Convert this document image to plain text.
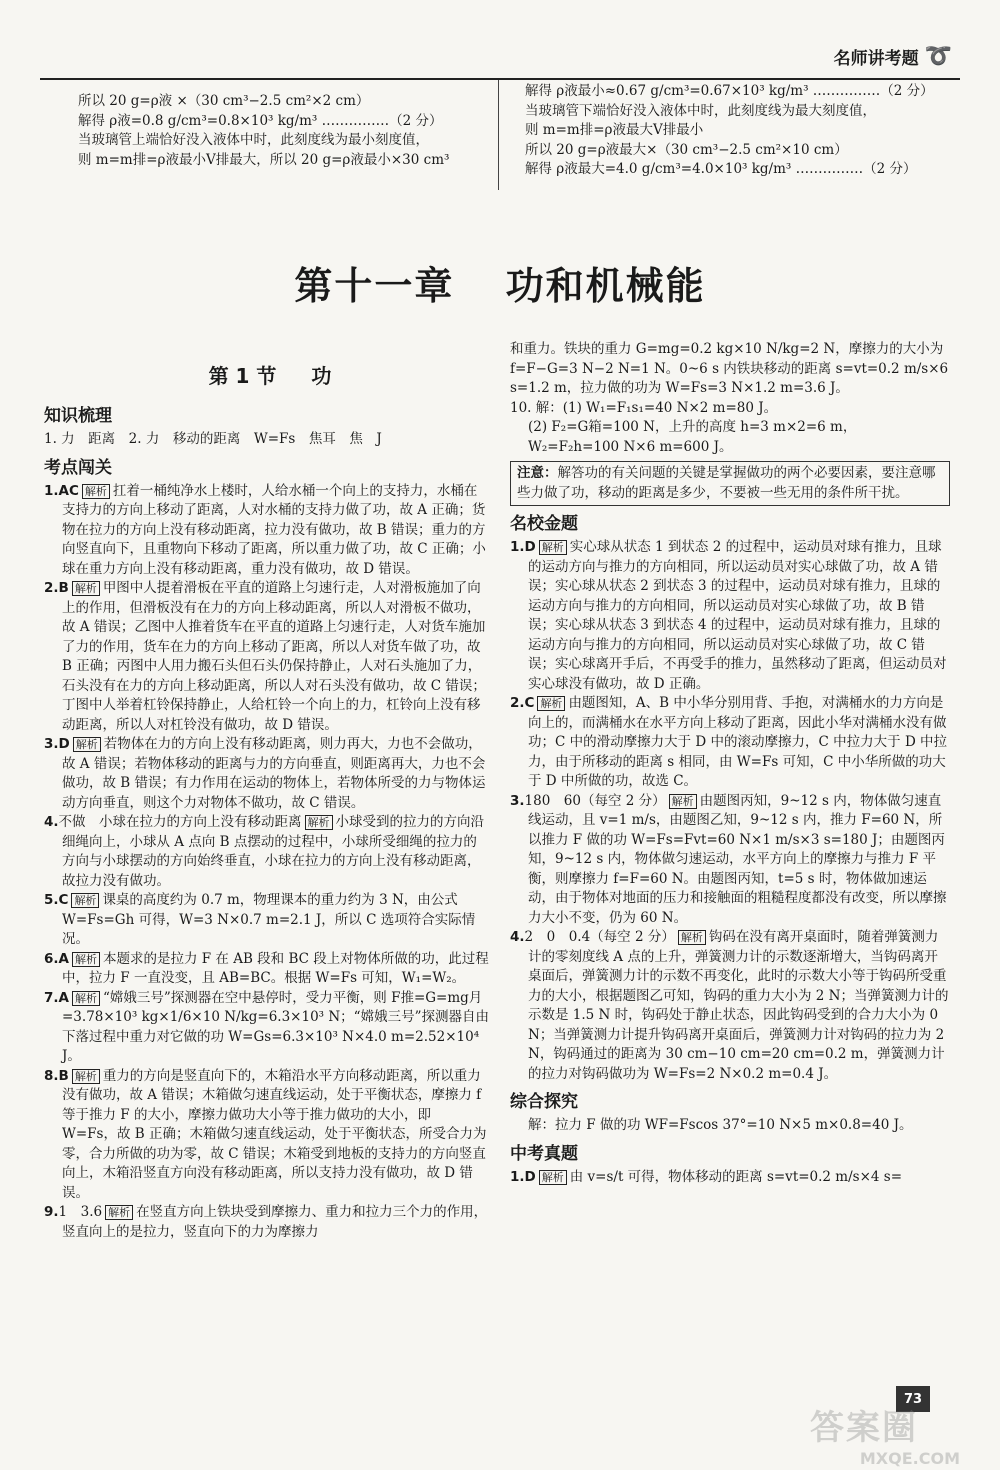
名师讲考题 ➰

所以 20 g=ρ液 ×（30 cm³−2.5 cm²×2 cm）

解得 ρ液=0.8 g/cm³=0.8×10³ kg/m³ ……………（2 分）

当玻璃管上端恰好没入液体中时，此刻度线为最小刻度值，

则 m=m排=ρ液最小V排最大，所以 20 g=ρ液最小×30 cm³

解得 ρ液最小≈0.67 g/cm³=0.67×10³ kg/m³ ……………（2 分）

当玻璃管下端恰好没入液体中时，此刻度线为最大刻度值，

则 m=m排=ρ液最大V排最小

所以 20 g=ρ液最大×（30 cm³−2.5 cm²×10 cm）

解得 ρ液最大=4.0 g/cm³=4.0×10³ kg/m³ ……………（2 分）

第十一章 功和机械能
第 1 节 功
知识梳理

1. 力　距离　2. 力　移动的距离　W=Fs　焦耳　焦　J

考点闯关

1.AC 解析 扛着一桶纯净水上楼时，人给水桶一个向上的支持力，水桶在支持力的方向上移动了距离，人对水桶的支持力做了功，故 A 正确；货物在拉力的方向上没有移动距离，拉力没有做功，故 B 错误；重力的方向竖直向下，且重物向下移动了距离，所以重力做了功，故 C 正确；小球在重力方向上没有移动距离，重力没有做功，故 D 错误。

2.B 解析 甲图中人提着滑板在平直的道路上匀速行走，人对滑板施加了向上的作用，但滑板没有在力的方向上移动距离，所以人对滑板不做功，故 A 错误；乙图中人推着货车在平直的道路上匀速行走，人对货车施加了力的作用，货车在力的方向上移动了距离，所以人对货车做了功，故 B 正确；丙图中人用力搬石头但石头仍保持静止，人对石头施加了力，石头没有在力的方向上移动距离，所以人对石头没有做功，故 C 错误；丁图中人举着杠铃保持静止，人给杠铃一个向上的力，杠铃向上没有移动距离，所以人对杠铃没有做功，故 D 错误。

3.D 解析 若物体在力的方向上没有移动距离，则力再大，力也不会做功，故 A 错误；若物体移动的距离与力的方向垂直，则距离再大，力也不会做功，故 B 错误；有力作用在运动的物体上，若物体所受的力与物体运动方向垂直，则这个力对物体不做功，故 C 错误。

4.不做　小球在拉力的方向上没有移动距离 解析 小球受到的拉力的方向沿细绳向上，小球从 A 点向 B 点摆动的过程中，小球所受细绳的拉力的方向与小球摆动的方向始终垂直，小球在拉力的方向上没有移动距离，故拉力没有做功。

5.C 解析 课桌的高度约为 0.7 m，物理课本的重力约为 3 N，由公式 W=Fs=Gh 可得，W=3 N×0.7 m=2.1 J，所以 C 选项符合实际情况。

6.A 解析 本题求的是拉力 F 在 AB 段和 BC 段上对物体所做的功，此过程中，拉力 F 一直没变，且 AB=BC。根据 W=Fs 可知，W₁=W₂。

7.A 解析 “嫦娥三号”探测器在空中悬停时，受力平衡，则 F推=G=mg月=3.78×10³ kg×1/6×10 N/kg=6.3×10³ N；“嫦娥三号”探测器自由下落过程中重力对它做的功 W=Gs=6.3×10³ N×4.0 m=2.52×10⁴ J。

8.B 解析 重力的方向是竖直向下的，木箱沿水平方向移动距离，所以重力没有做功，故 A 错误；木箱做匀速直线运动，处于平衡状态，摩擦力 f 等于推力 F 的大小，摩擦力做功大小等于推力做功的大小，即 W=Fs，故 B 正确；木箱做匀速直线运动，处于平衡状态，所受合力为零，合力所做的功为零，故 C 错误；木箱受到地板的支持力的方向竖直向上，木箱沿竖直方向没有移动距离，所以支持力没有做功，故 D 错误。

9.1　3.6 解析 在竖直方向上铁块受到摩擦力、重力和拉力三个力的作用，竖直向上的是拉力，竖直向下的力为摩擦力

和重力。铁块的重力 G=mg=0.2 kg×10 N/kg=2 N，摩擦力的大小为 f=F−G=3 N−2 N=1 N。0~6 s 内铁块移动的距离 s=vt=0.2 m/s×6 s=1.2 m，拉力做的功为 W=Fs=3 N×1.2 m=3.6 J。

10. 解：(1) W₁=F₁s₁=40 N×2 m=80 J。

(2) F₂=G箱=100 N，上升的高度 h=3 m×2=6 m，

W₂=F₂h=100 N×6 m=600 J。

注意：解答功的有关问题的关键是掌握做功的两个必要因素，要注意哪些力做了功，移动的距离是多少，不要被一些无用的条件所干扰。
名校金题

1.D 解析 实心球从状态 1 到状态 2 的过程中，运动员对球有推力，且球的运动方向与推力的方向相同，所以运动员对实心球做了功，故 A 错误；实心球从状态 2 到状态 3 的过程中，运动员对球有推力，且球的运动方向与推力的方向相同，所以运动员对实心球做了功，故 B 错误；实心球从状态 3 到状态 4 的过程中，运动员对球有推力，且球的运动方向与推力的方向相同，所以运动员对实心球做了功，故 C 错误；实心球离开手后，不再受手的推力，虽然移动了距离，但运动员对实心球没有做功，故 D 正确。

2.C 解析 由题图知，A、B 中小华分别用背、手抱，对满桶水的力方向是向上的，而满桶水在水平方向上移动了距离，因此小华对满桶水没有做功；C 中的滑动摩擦力大于 D 中的滚动摩擦力，C 中拉力大于 D 中拉力，由于所移动的距离 s 相同，由 W=Fs 可知，C 中小华所做的功大于 D 中所做的功，故选 C。

3.180　60（每空 2 分） 解析 由题图丙知，9~12 s 内，物体做匀速直线运动，且 v=1 m/s，由题图乙知，9~12 s 内，推力 F=60 N，所以推力 F 做的功 W=Fs=Fvt=60 N×1 m/s×3 s=180 J；由题图丙知，9~12 s 内，物体做匀速运动，水平方向上的摩擦力与推力 F 平衡，则摩擦力 f=F=60 N。由题图丙知，t=5 s 时，物体做加速运动，由于物体对地面的压力和接触面的粗糙程度都没有改变，所以摩擦力大小不变，仍为 60 N。

4.2　0　0.4（每空 2 分） 解析 钩码在没有离开桌面时，随着弹簧测力计的零刻度线 A 点的上升，弹簧测力计的示数逐渐增大，当钩码离开桌面后，弹簧测力计的示数不再变化，此时的示数大小等于钩码所受重力的大小，根据题图乙可知，钩码的重力大小为 2 N；当弹簧测力计的示数是 1.5 N 时，钩码处于静止状态，因此钩码受到的合力大小为 0 N；当弹簧测力计提升钩码离开桌面后，弹簧测力计对钩码的拉力为 2 N，钩码通过的距离为 30 cm−10 cm=20 cm=0.2 m，弹簧测力计的拉力对钩码做功为 W=Fs=2 N×0.2 m=0.4 J。

综合探究

解：拉力 F 做的功 WF=Fscos 37°=10 N×5 m×0.8=40 J。

中考真题

1.D 解析 由 v=s/t 可得，物体移动的距离 s=vt=0.2 m/s×4 s=

73
答案圈
MXQE.COM
